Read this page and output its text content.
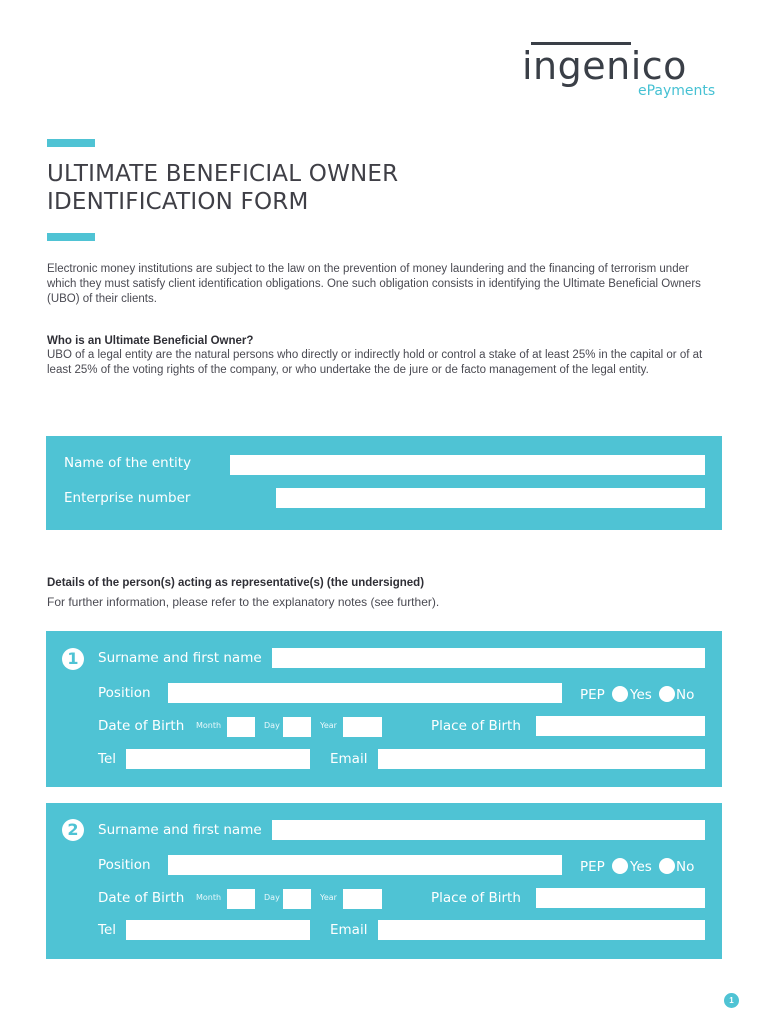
ingenico
ePayments
ULTIMATE BENEFICIAL OWNER
IDENTIFICATION FORM

Electronic money institutions are subject to the law on the prevention of money laundering and the financing of terrorism under which they must satisfy client identification obligations. One such obligation consists in identifying the Ultimate Beneficial Owners (UBO) of their clients.

Who is an Ultimate Beneficial Owner?

UBO of a legal entity are the natural persons who directly or indirectly hold or control a stake of at least 25% in the capital or of at least 25% of the voting rights of the company, or who undertake the de jure or de facto management of the legal entity.

Name of the entity
Enterprise number
Details of the person(s) acting as representative(s) (the undersigned)
For further information, please refer to the explanatory notes (see further).
1	Surname and first name
Position	PEP Yes No
Date of Birth Month	Day	Year	Place of Birth
Tel	Email
2	Surname and first name
Position	PEP Yes No
Date of Birth Month	Day	Year	Place of Birth
Tel	Email
1
